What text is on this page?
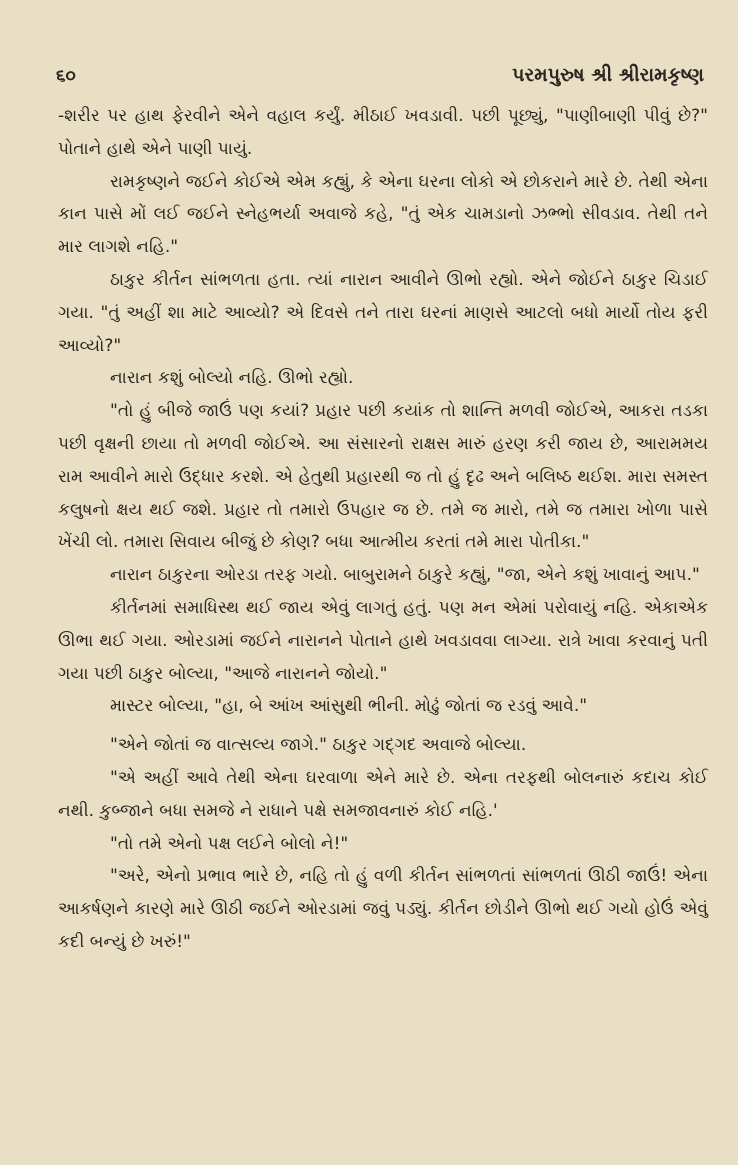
૬૦	પરમપુરુષ શ્રી શ્રીરામકૃષ્ણ

-શરીર પર હાથ ફેરવીને એને વહાલ કર્યું. મીઠાઈ ખવડાવી. પછી પૂછ્યું, "પાણીબાણી પીવું છે?" પોતાને હાથે એને પાણી પાયું.

રામકૃષ્ણને જઈને કોઈએ એમ કહ્યું, કે એના ઘરના લોકો એ છોકરાને મારે છે. તેથી એના કાન પાસે મોં લઈ જઈને સ્નેહભર્યા અવાજે કહે, "તું એક ચામડાનો ઝભ્ભો સીવડાવ. તેથી તને માર લાગશે નહિ."

ઠાકુર કીર્તન સાંભળતા હતા. ત્યાં નારાન આવીને ઊભો રહ્યો. એને જોઈને ઠાકુર ચિડાઈ ગયા. "તું અહીં શા માટે આવ્યો? એ દિવસે તને તારા ઘરનાં માણસે આટલો બધો માર્યો તોય ફરી આવ્યો?"

નારાન કશું બોલ્યો નહિ. ઊભો રહ્યો.

"તો હું બીજે જાઉં પણ કયાં? પ્રહાર પછી કયાંક તો શાન્તિ મળવી જોઈએ, આકરા તડકા પછી વૃક્ષની છાયા તો મળવી જોઈએ. આ સંસારનો રાક્ષસ મારું હરણ કરી જાય છે, આરામમય રામ આવીને મારો ઉદ્ધાર કરશે. એ હેતુથી પ્રહારથી જ તો હું દૃઢ અને બલિષ્ઠ થઈશ. મારા સમસ્ત કલુષનો ક્ષય થઈ જશે. પ્રહાર તો તમારો ઉપહાર જ છે. તમે જ મારો, તમે જ તમારા ખોળા પાસે ખેંચી લો. તમારા સિવાય બીજું છે કોણ? બધા આત્મીય કરતાં તમે મારા પોતીકા."

નારાન ઠાકુરના ઓરડા તરફ ગયો. બાબુરામને ઠાકુરે કહ્યું, "જા, એને કશું ખાવાનું આપ."

કીર્તનમાં સમાધિસ્થ થઈ જાય એવું લાગતું હતું. પણ મન એમાં પરોવાયું નહિ. એકાએક ઊભા થઈ ગયા. ઓરડામાં જઈને નારાનને પોતાને હાથે ખવડાવવા લાગ્યા. રાત્રે ખાવા કરવાનું પતી ગયા પછી ઠાકુર બોલ્યા, "આજે નારાનને જોયો."

માસ્ટર બોલ્યા, "હા, બે આંખ આંસુથી ભીની. મોઢું જોતાં જ રડવું આવે."

"એને જોતાં જ વાત્સલ્ય જાગે." ઠાકુર ગદ્ગદ અવાજે બોલ્યા.

"એ અહીં આવે તેથી એના ઘરવાળા એને મારે છે. એના તરફથી બોલનારું કદાચ કોઈ નથી. કુબ્જાને બધા સમજે ને રાધાને પક્ષે સમજાવનારું કોઈ નહિ.'

"તો તમે એનો પક્ષ લઈને બોલો ને!"

"અરે, એનો પ્રભાવ ભારે છે, નહિ તો હું વળી કીર્તન સાંભળતાં સાંભળતાં ઊઠી જાઉં! એના આકર્ષણને કારણે મારે ઊઠી જઈને ઓરડામાં જવું પડ્યું. કીર્તન છોડીને ઊભો થઈ ગયો હોઉં એવું કદી બન્યું છે ખરું!"
